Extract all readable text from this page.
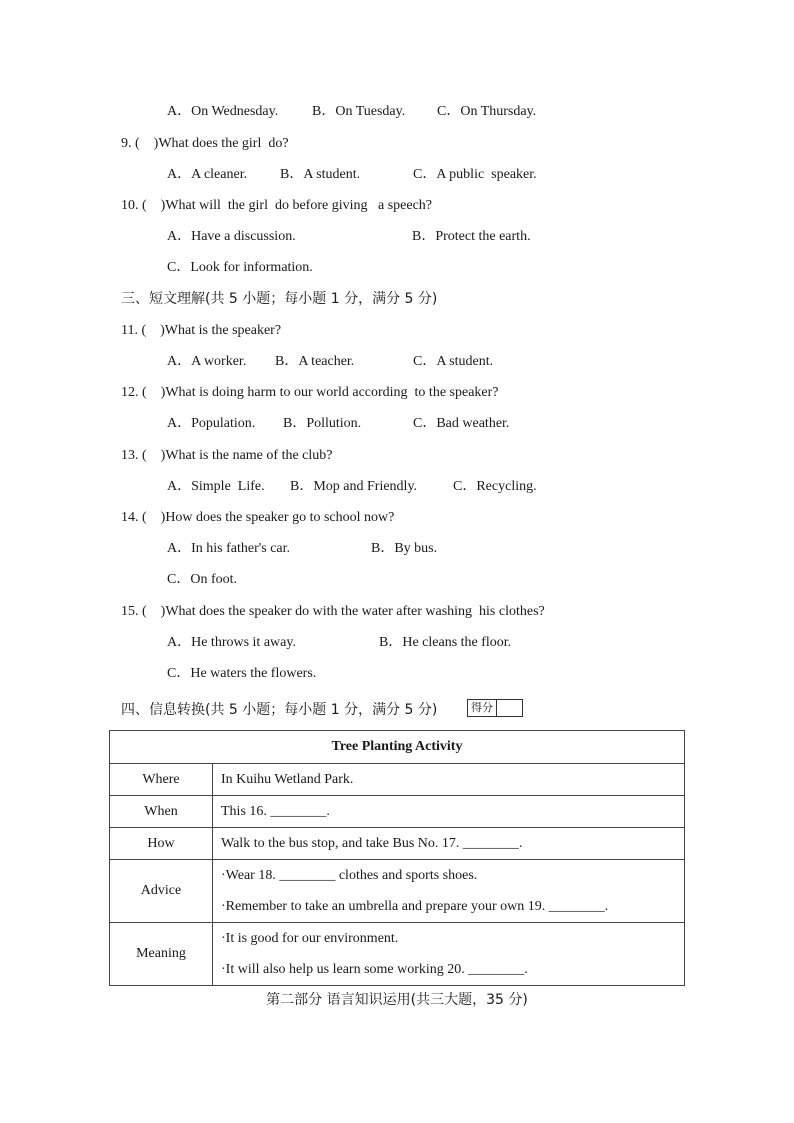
A．On Wednesday. B．On Tuesday. C．On Thursday.
9. (    )What does the girl  do?
A．A cleaner. B．A student.	C．A public  speaker.
10. (    )What will  the girl  do before giving   a speech?
A．Have a discussion.	B．Protect the earth.
C．Look for information.
三、短文理解(共 5 小题；每小题 1 分，满分 5 分)
11. (    )What is the speaker?
A．A worker. B．A teacher.	C．A student.
12. (    )What is doing harm to our world according  to the speaker?
A．Population. B．Pollution.	C．Bad weather.
13. (    )What is the name of the club?
A．Simple  Life. B．Mop and Friendly.	C．Recycling.
14. (    )How does the speaker go to school now?
A．In his father's car.	B．By bus.
C．On foot.
15. (    )What does the speaker do with the water after washing  his clothes?
A．He throws it away.	B．He cleans the floor.
C．He waters the flowers.
四、信息转换(共 5 小题；每小题 1 分，满分 5 分)	得分
Tree Planting Activity	
Where	In Kuihu Wetland Park.
When	This 16. ________.
How	Walk to the bus stop, and take Bus No. 17. ________.
Advice	·Wear 18. ________ clothes and sports shoes.
·Remember to take an umbrella and prepare your own 19. ________.

Meaning	·It is good for our environment.
·It will also help us learn some working 20. ________.
第二部分 语言知识运用(共三大题，35 分)
